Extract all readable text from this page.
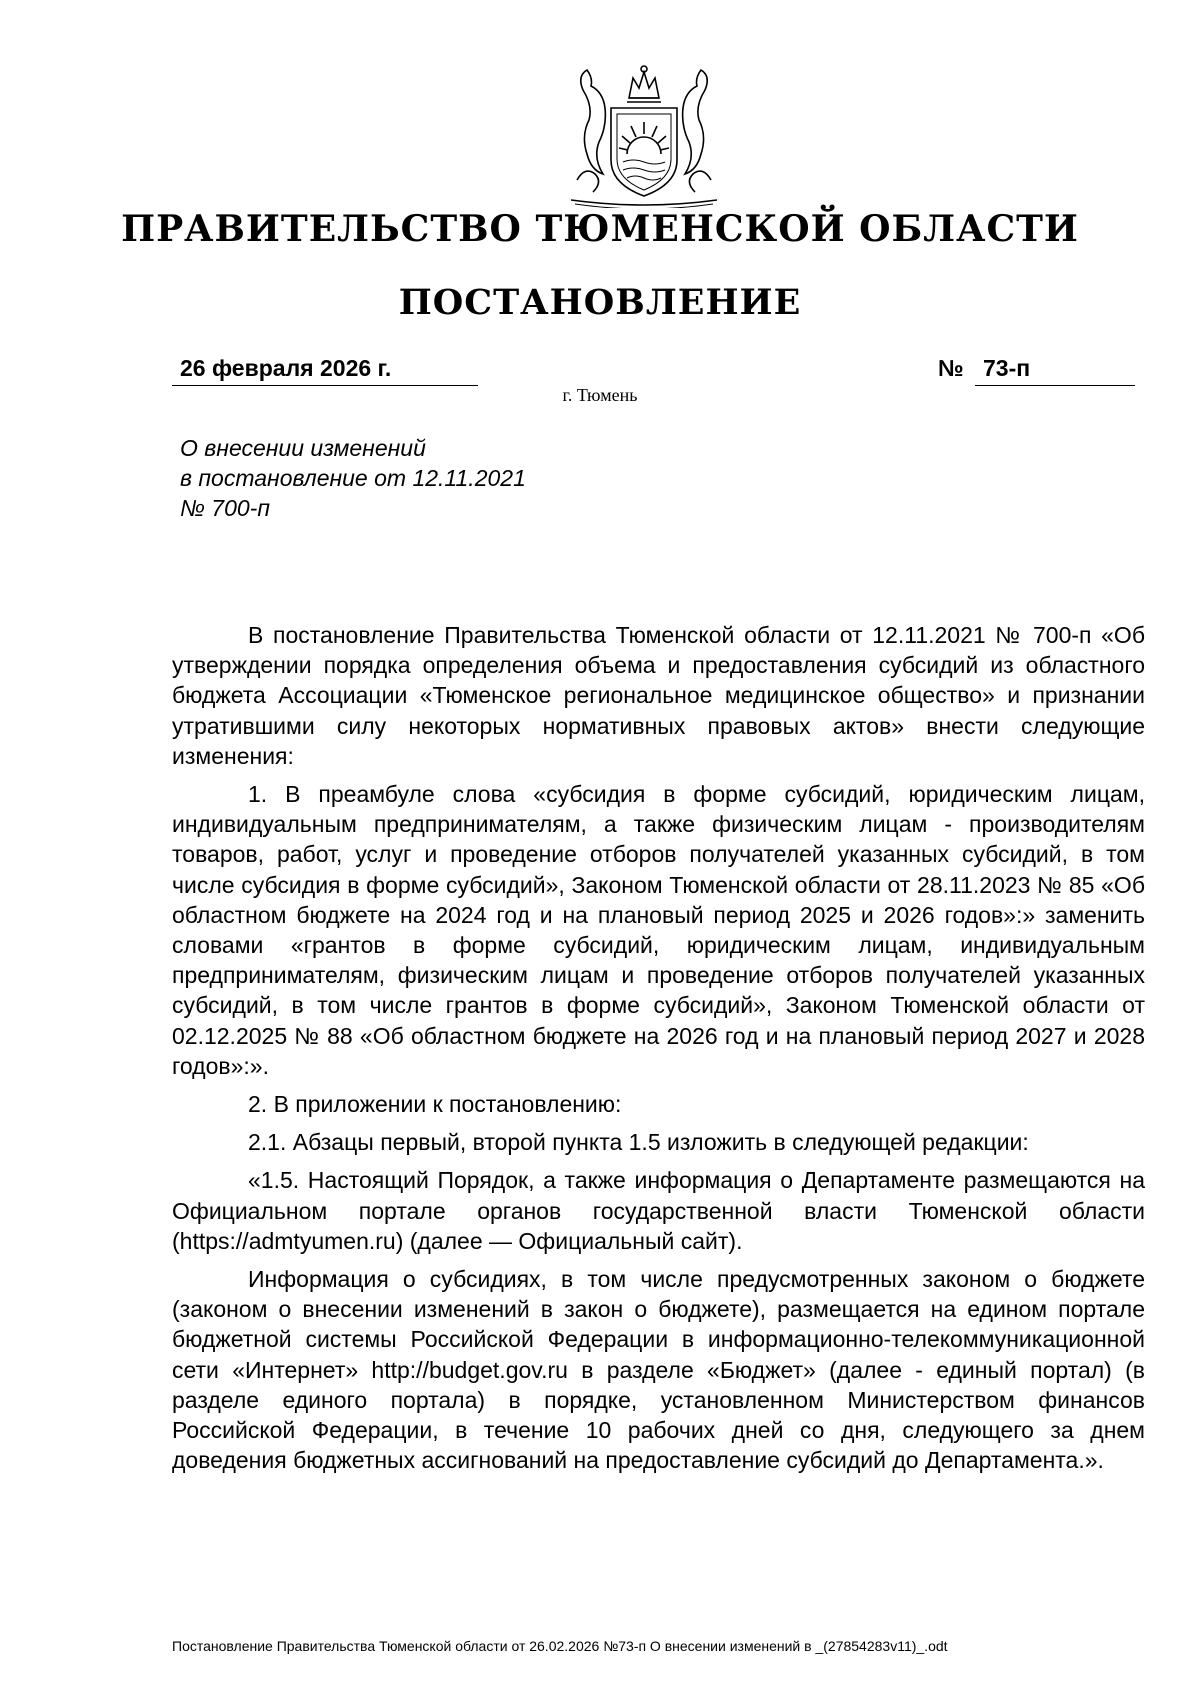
ПРАВИТЕЛЬСТВО ТЮМЕНСКОЙ ОБЛАСТИ
ПОСТАНОВЛЕНИЕ
26 февраля 2026 г.	№ 73-п
г. Тюмень
О внесении изменений
в постановление от 12.11.2021
№ 700-п

В постановление Правительства Тюменской области от 12.11.2021 № 700-п «Об утверждении порядка определения объема и предоставления субсидий из областного бюджета Ассоциации «Тюменское региональное медицинское общество» и признании утратившими силу некоторых нормативных правовых актов» внести следующие изменения:

1. В преамбуле слова «субсидия в форме субсидий, юридическим лицам, индивидуальным предпринимателям, а также физическим лицам - производителям товаров, работ, услуг и проведение отборов получателей указанных субсидий, в том числе субсидия в форме субсидий», Законом Тюменской области от 28.11.2023 № 85 «Об областном бюджете на 2024 год и на плановый период 2025 и 2026 годов»:» заменить словами «грантов в форме субсидий, юридическим лицам, индивидуальным предпринимателям, физическим лицам и проведение отборов получателей указанных субсидий, в том числе грантов в форме субсидий», Законом Тюменской области от 02.12.2025 № 88 «Об областном бюджете на 2026 год и на плановый период 2027 и 2028 годов»:».

2. В приложении к постановлению:

2.1. Абзацы первый, второй пункта 1.5 изложить в следующей редакции:

«1.5. Настоящий Порядок, а также информация о Департаменте размещаются на Официальном портале органов государственной власти Тюменской области (https://admtyumen.ru) (далее — Официальный сайт).

Информация о субсидиях, в том числе предусмотренных законом о бюджете (законом о внесении изменений в закон о бюджете), размещается на едином портале бюджетной системы Российской Федерации в информационно-телекоммуникационной сети «Интернет» http://budget.gov.ru в разделе «Бюджет» (далее - единый портал) (в разделе единого портала) в порядке, установленном Министерством финансов Российской Федерации, в течение 10 рабочих дней со дня, следующего за днем доведения бюджетных ассигнований на предоставление субсидий до Департамента.».

Постановление Правительства Тюменской области от 26.02.2026 №73-п О внесении изменений в _(27854283v11)_.odt
